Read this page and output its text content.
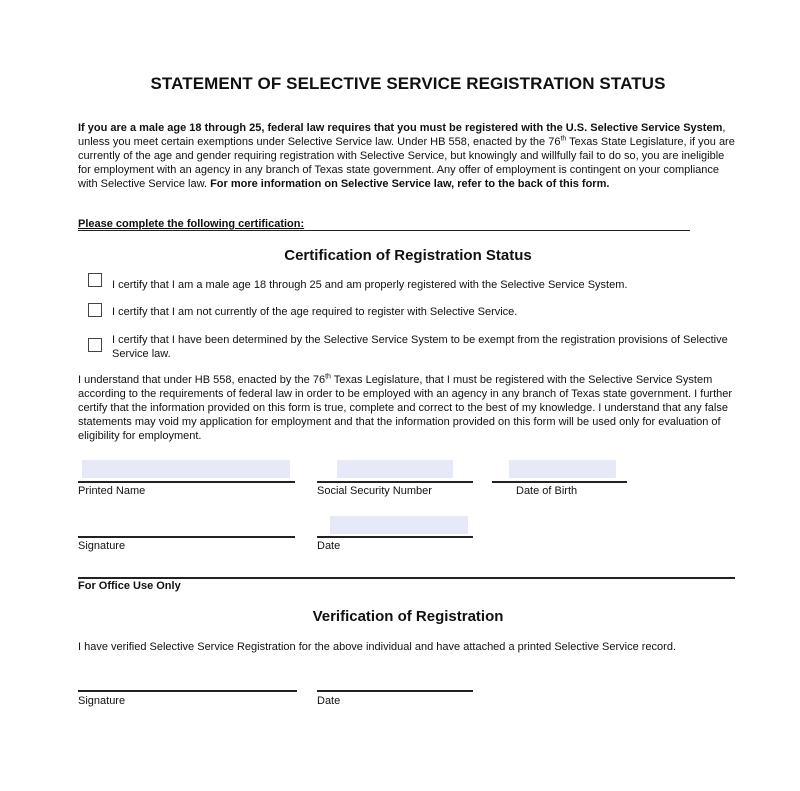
STATEMENT OF SELECTIVE SERVICE REGISTRATION STATUS
If you are a male age 18 through 25, federal law requires that you must be registered with the U.S. Selective Service System, unless you meet certain exemptions under Selective Service law. Under HB 558, enacted by the 76th Texas State Legislature, if you are currently of the age and gender requiring registration with Selective Service, but knowingly and willfully fail to do so, you are ineligible for employment with an agency in any branch of Texas state government. Any offer of employment is contingent on your compliance with Selective Service law. For more information on Selective Service law, refer to the back of this form.
Please complete the following certification:
Certification of Registration Status
I certify that I am a male age 18 through 25 and am properly registered with the Selective Service System.
I certify that I am not currently of the age required to register with Selective Service.
I certify that I have been determined by the Selective Service System to be exempt from the registration provisions of Selective Service law.
I understand that under HB 558, enacted by the 76th Texas Legislature, that I must be registered with the Selective Service System according to the requirements of federal law in order to be employed with an agency in any branch of Texas state government. I further certify that the information provided on this form is true, complete and correct to the best of my knowledge. I understand that any false statements may void my application for employment and that the information provided on this form will be used only for evaluation of eligibility for employment.
Printed Name	Social Security Number	Date of Birth
Signature	Date
For Office Use Only
Verification of Registration
I have verified Selective Service Registration for the above individual and have attached a printed Selective Service record.
Signature	Date
